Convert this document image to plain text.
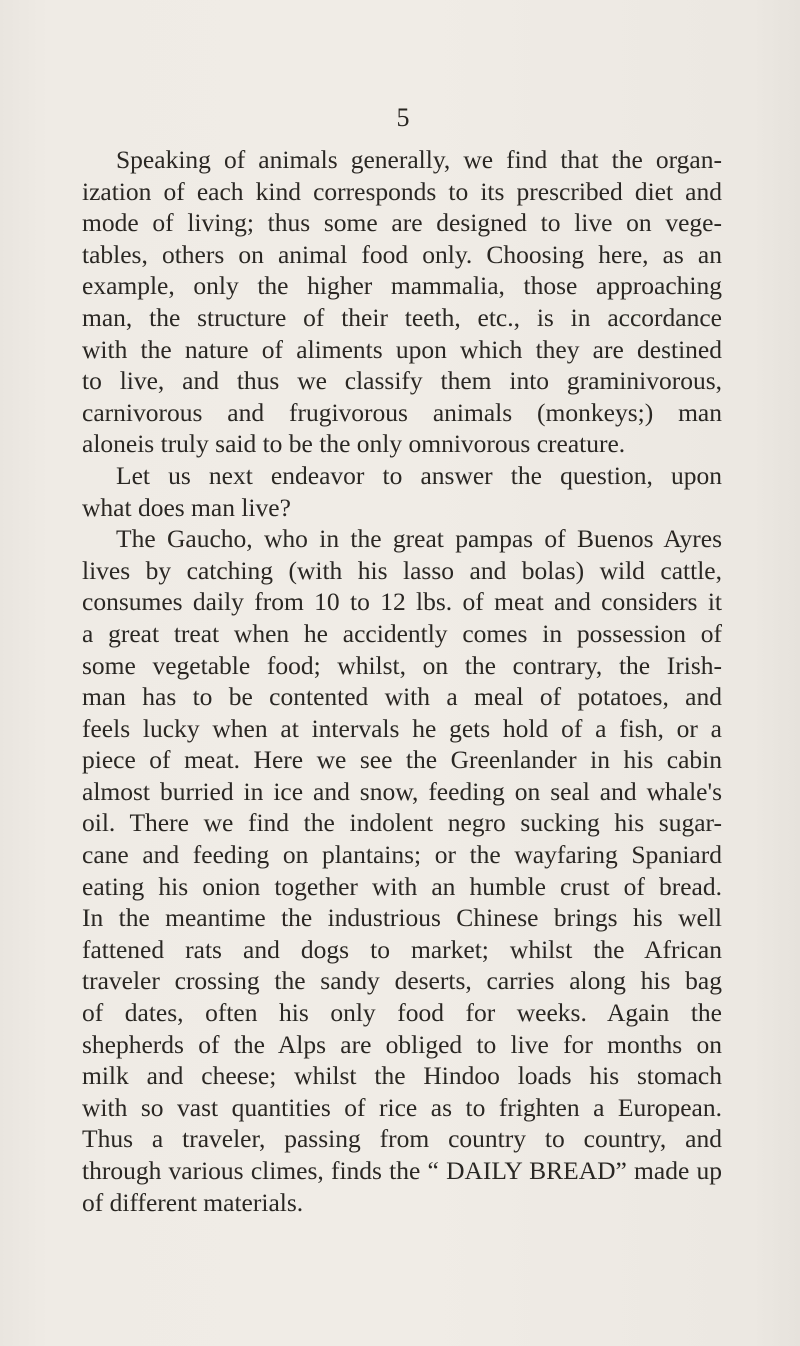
5
Speaking of animals generally, we find that the organ-
ization of each kind corresponds to its prescribed diet and
mode of living; thus some are designed to live on vege-
tables, others on animal food only. Choosing here, as an
example, only the higher mammalia, those approaching
man, the structure of their teeth, etc., is in accordance
with the nature of aliments upon which they are destined
to live, and thus we classify them into graminivorous,
carnivorous and frugivorous animals (monkeys;) man
aloneis truly said to be the only omnivorous creature.
Let us next endeavor to answer the question, upon
what does man live?
The Gaucho, who in the great pampas of Buenos Ayres
lives by catching (with his lasso and bolas) wild cattle,
consumes daily from 10 to 12 lbs. of meat and considers it
a great treat when he accidently comes in possession of
some vegetable food; whilst, on the contrary, the Irish-
man has to be contented with a meal of potatoes, and
feels lucky when at intervals he gets hold of a fish, or a
piece of meat. Here we see the Greenlander in his cabin
almost burried in ice and snow, feeding on seal and whale's
oil. There we find the indolent negro sucking his sugar-
cane and feeding on plantains; or the wayfaring Spaniard
eating his onion together with an humble crust of bread.
In the meantime the industrious Chinese brings his well
fattened rats and dogs to market; whilst the African
traveler crossing the sandy deserts, carries along his bag
of dates, often his only food for weeks. Again the
shepherds of the Alps are obliged to live for months on
milk and cheese; whilst the Hindoo loads his stomach
with so vast quantities of rice as to frighten a European.
Thus a traveler, passing from country to country, and
through various climes, finds the “ DAILY BREAD” made up
of different materials.
